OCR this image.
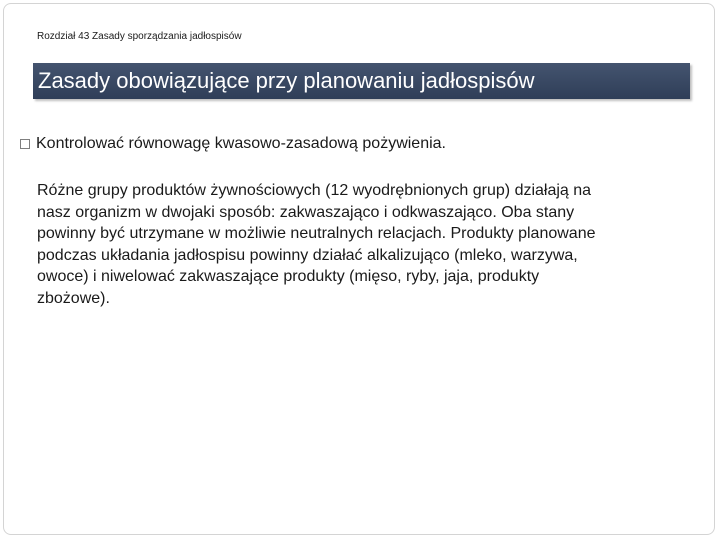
Rozdział 43 Zasady sporządzania jadłospisów
Zasady obowiązujące przy planowaniu jadłospisów
Kontrolować równowagę kwasowo-zasadową pożywienia.
Różne grupy produktów żywnościowych (12 wyodrębnionych grup) działają na
nasz organizm w dwojaki sposób: zakwaszająco i odkwaszająco. Oba stany
powinny być utrzymane w możliwie neutralnych relacjach. Produkty planowane
podczas układania jadłospisu powinny działać alkalizująco (mleko, warzywa,
owoce) i niwelować zakwaszające produkty (mięso, ryby, jaja, produkty
zbożowe).
